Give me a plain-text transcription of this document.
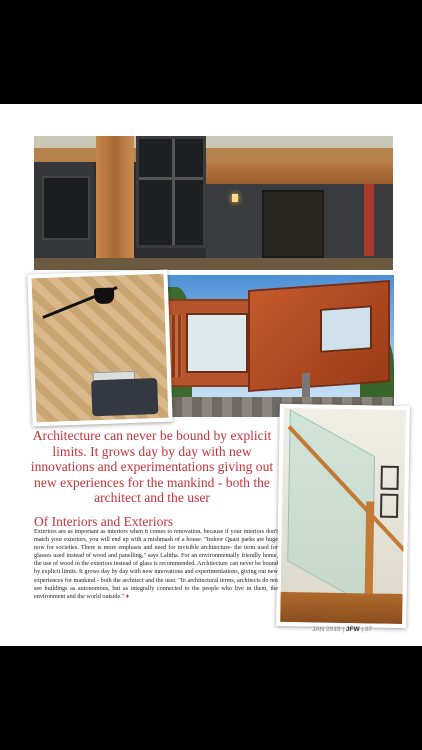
Architecture can never be bound by explicit limits. It grows day by day with new innovations and experimentations giving out new experiences for the mankind - both the architect and the user

Of Interiors and Exteriors

Exteriors are as important as interiors when it comes to renovation, because if your interiors don't match your exteriors, you will end up with a mishmash of a house. "Indoor Quasi parks are huge now for societies. There is more emphasis and need for invisible architecture- the term used for glasses used instead of wood and panelling," says Lalitha. For an environmentally friendly home, the use of wood in the exteriors instead of glass is recommended. Architecture can never be bound by explicit limits. It grows day by day with new innovations and experimentations, giving out new experiences for mankind - both the architect and the user. "In architectural terms, architects do not see buildings as autonomous, but as integrally connected to the people who live in them, the environment and the world outside." ♦

JAN 2015 | JFW | 37
